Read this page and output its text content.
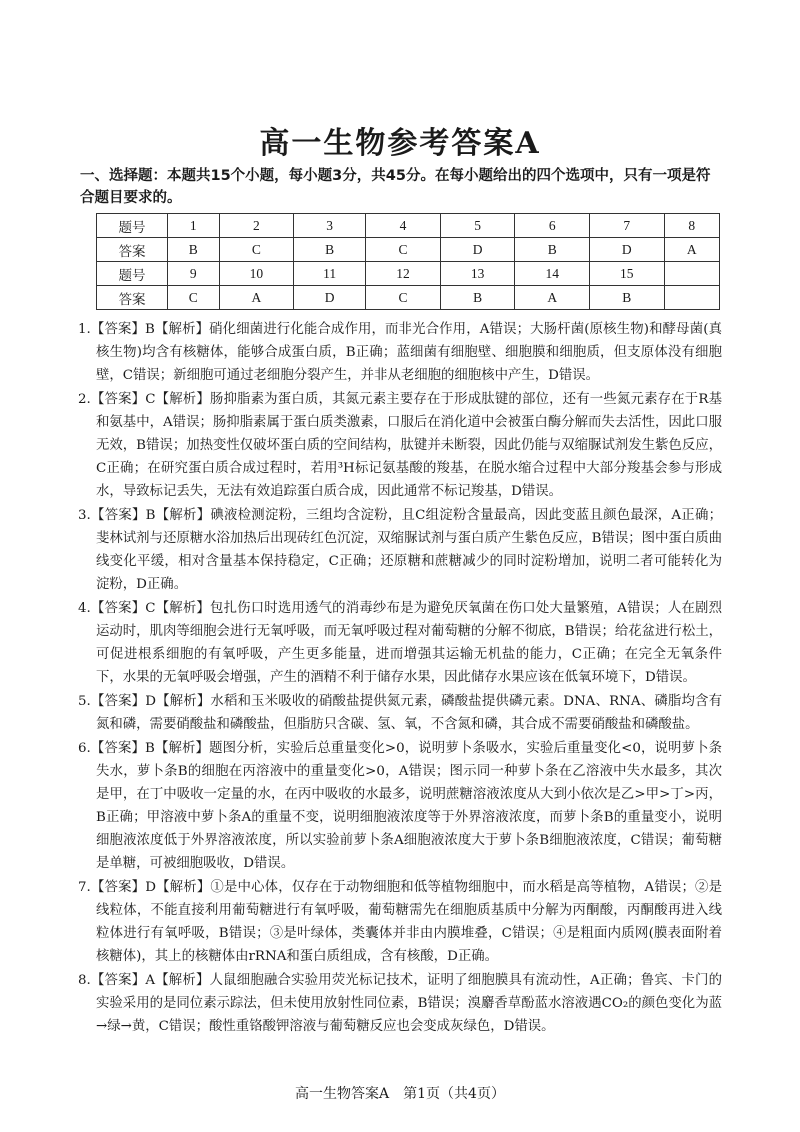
高一生物参考答案A
一、选择题：本题共15个小题，每小题3分，共45分。在每小题给出的四个选项中，只有一项是符合题目要求的。
题号	1	2	3	4	5	6	7	8
答案	B	C	B	C	D	B	D	A
题号	9	10	11	12	13	14	15	
答案	C	A	D	C	B	A	B	
1.【答案】B【解析】硝化细菌进行化能合成作用，而非光合作用，A错误；大肠杆菌(原核生物)和酵母菌(真核生物)均含有核糖体，能够合成蛋白质，B正确；蓝细菌有细胞壁、细胞膜和细胞质，但支原体没有细胞壁，C错误；新细胞可通过老细胞分裂产生，并非从老细胞的细胞核中产生，D错误。
2.【答案】C【解析】肠抑脂素为蛋白质，其氮元素主要存在于形成肽键的部位，还有一些氮元素存在于R基和氨基中，A错误；肠抑脂素属于蛋白质类激素，口服后在消化道中会被蛋白酶分解而失去活性，因此口服无效，B错误；加热变性仅破坏蛋白质的空间结构，肽键并未断裂，因此仍能与双缩脲试剂发生紫色反应，C正确；在研究蛋白质合成过程时，若用³H标记氨基酸的羧基，在脱水缩合过程中大部分羧基会参与形成水，导致标记丢失，无法有效追踪蛋白质合成，因此通常不标记羧基，D错误。
3.【答案】B【解析】碘液检测淀粉，三组均含淀粉，且C组淀粉含量最高，因此变蓝且颜色最深，A正确；斐林试剂与还原糖水浴加热后出现砖红色沉淀，双缩脲试剂与蛋白质产生紫色反应，B错误；图中蛋白质曲线变化平缓，相对含量基本保持稳定，C正确；还原糖和蔗糖减少的同时淀粉增加，说明二者可能转化为淀粉，D正确。
4.【答案】C【解析】包扎伤口时选用透气的消毒纱布是为避免厌氧菌在伤口处大量繁殖，A错误；人在剧烈运动时，肌肉等细胞会进行无氧呼吸，而无氧呼吸过程对葡萄糖的分解不彻底，B错误；给花盆进行松土，可促进根系细胞的有氧呼吸，产生更多能量，进而增强其运输无机盐的能力，C正确；在完全无氧条件下，水果的无氧呼吸会增强，产生的酒精不利于储存水果，因此储存水果应该在低氧环境下，D错误。
5.【答案】D【解析】水稻和玉米吸收的硝酸盐提供氮元素，磷酸盐提供磷元素。DNA、RNA、磷脂均含有氮和磷，需要硝酸盐和磷酸盐，但脂肪只含碳、氢、氧，不含氮和磷，其合成不需要硝酸盐和磷酸盐。
6.【答案】B【解析】题图分析，实验后总重量变化>0，说明萝卜条吸水，实验后重量变化<0，说明萝卜条失水，萝卜条B的细胞在丙溶液中的重量变化>0，A错误；图示同一种萝卜条在乙溶液中失水最多，其次是甲，在丁中吸收一定量的水，在丙中吸收的水最多，说明蔗糖溶液浓度从大到小依次是乙>甲>丁>丙，B正确；甲溶液中萝卜条A的重量不变，说明细胞液浓度等于外界溶液浓度，而萝卜条B的重量变小，说明细胞液浓度低于外界溶液浓度，所以实验前萝卜条A细胞液浓度大于萝卜条B细胞液浓度，C错误；葡萄糖是单糖，可被细胞吸收，D错误。
7.【答案】D【解析】①是中心体，仅存在于动物细胞和低等植物细胞中，而水稻是高等植物，A错误；②是线粒体，不能直接利用葡萄糖进行有氧呼吸，葡萄糖需先在细胞质基质中分解为丙酮酸，丙酮酸再进入线粒体进行有氧呼吸，B错误；③是叶绿体，类囊体并非由内膜堆叠，C错误；④是粗面内质网(膜表面附着核糖体)，其上的核糖体由rRNA和蛋白质组成，含有核酸，D正确。
8.【答案】A【解析】人鼠细胞融合实验用荧光标记技术，证明了细胞膜具有流动性，A正确；鲁宾、卡门的实验采用的是同位素示踪法，但未使用放射性同位素，B错误；溴麝香草酚蓝水溶液遇CO₂的颜色变化为蓝→绿→黄，C错误；酸性重铬酸钾溶液与葡萄糖反应也会变成灰绿色，D错误。
高一生物答案A　第1页（共4页）
